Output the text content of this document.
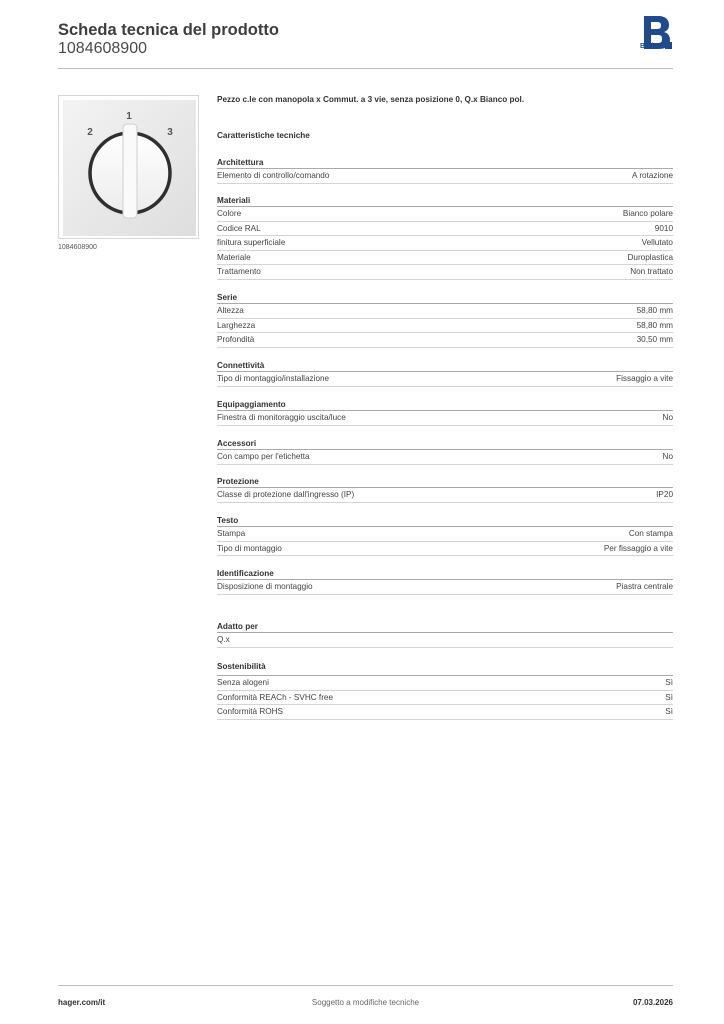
Scheda tecnica del prodotto
1084608900	Berker
1
2	3
1084608900
Pezzo c.le con manopola x Commut. a 3 vie, senza posizione 0, Q.x Bianco pol.
Caratteristiche tecniche
Architettura
Elemento di controllo/comando	A rotazione
Materiali
Colore	Bianco polare
Codice RAL	9010
finitura superficiale	Vellutato
Materiale	Duroplastica
Trattamento	Non trattato
Serie
Altezza	58,80 mm
Larghezza	58,80 mm
Profondità	30,50 mm
Connettività
Tipo di montaggio/installazione	Fissaggio a vite
Equipaggiamento
Finestra di monitoraggio uscita/luce	No
Accessori
Con campo per l'etichetta	No
Protezione
Classe di protezione dall'ingresso (IP)	IP20
Testo
Stampa	Con stampa
Tipo di montaggio	Per fissaggio a vite
Identificazione
Disposizione di montaggio	Piastra centrale
Adatto per
Q.x
Sostenibilità
Senza alogeni	Sì
Conformità REACh - SVHC free	Sì
Conformità ROHS	Sì
hager.com/it	Soggetto a modifiche tecniche	07.03.2026
